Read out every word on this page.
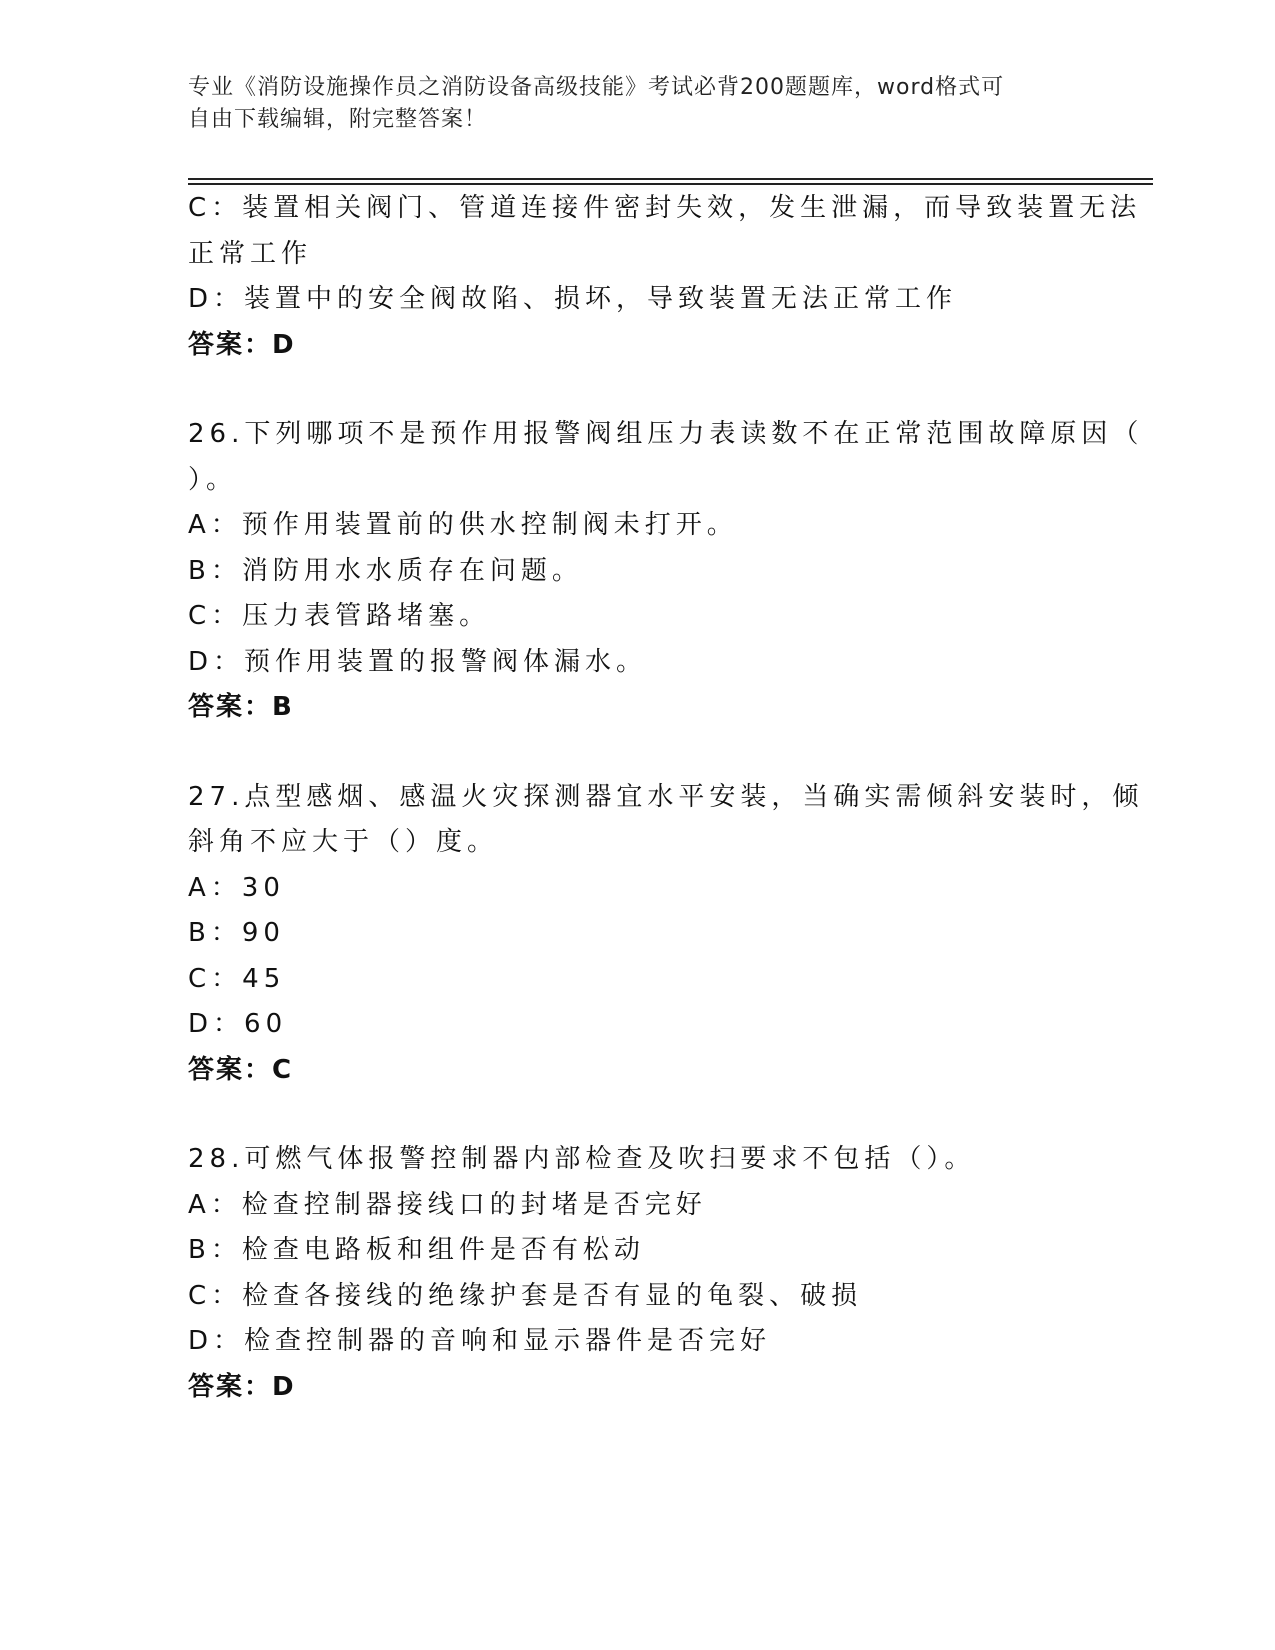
专业《消防设施操作员之消防设备高级技能》考试必背200题题库，word格式可
自由下载编辑，附完整答案！
C：装置相关阀门、管道连接件密封失效，发生泄漏，而导致装置无法
正常工作
D：装置中的安全阀故陷、损坏，导致装置无法正常工作
答案：D
26.下列哪项不是预作用报警阀组压力表读数不在正常范围故障原因（
）。
A：预作用装置前的供水控制阀未打开。
B：消防用水水质存在问题。
C：压力表管路堵塞。
D：预作用装置的报警阀体漏水。
答案：B
27.点型感烟、感温火灾探测器宜水平安装，当确实需倾斜安装时，倾
斜角不应大于（）度。
A：30
B：90
C：45
D：60
答案：C
28.可燃气体报警控制器内部检查及吹扫要求不包括（）。
A：检查控制器接线口的封堵是否完好
B：检查电路板和组件是否有松动
C：检查各接线的绝缘护套是否有显的龟裂、破损
D：检查控制器的音响和显示器件是否完好
答案：D
